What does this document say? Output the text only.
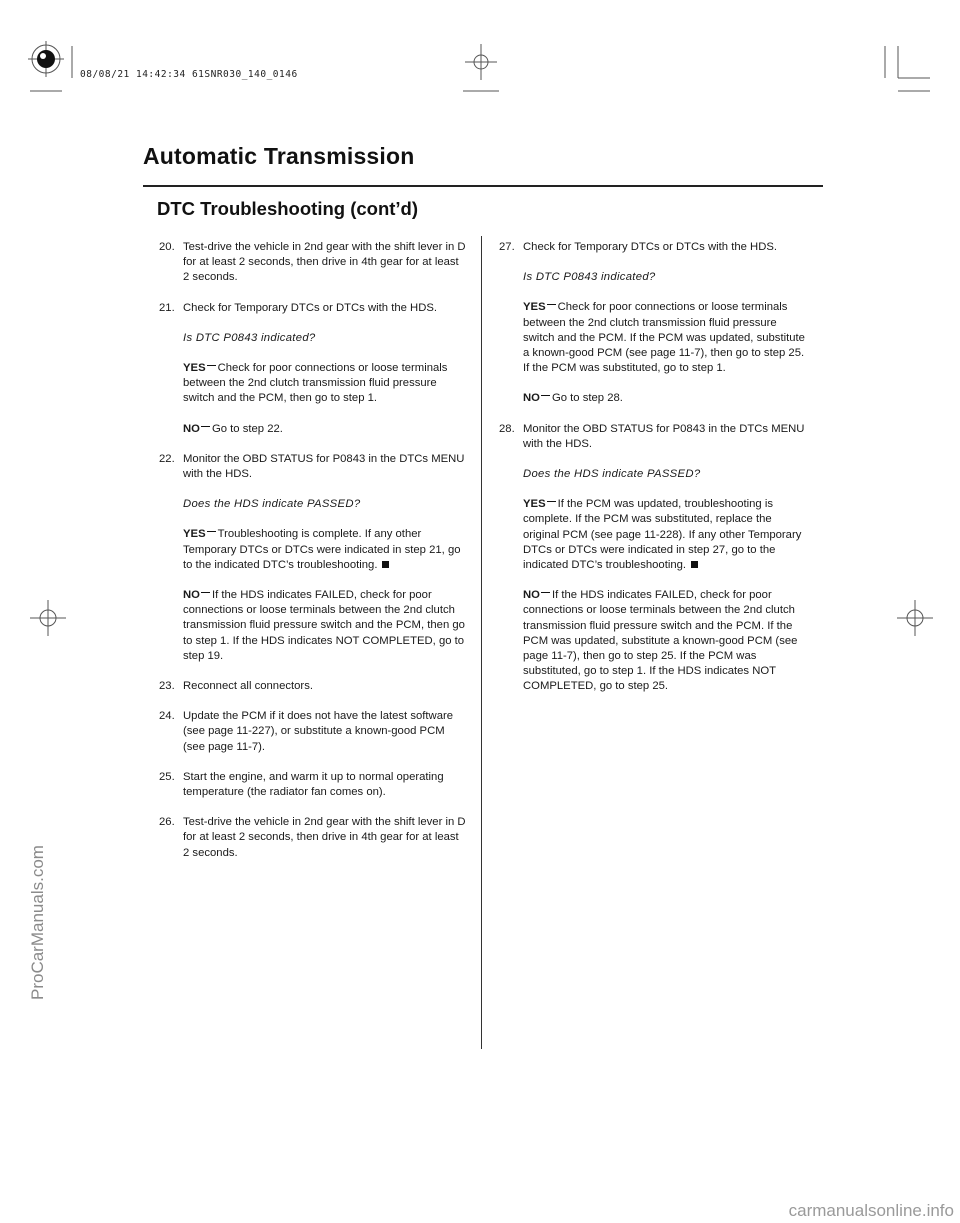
08/08/21 14:42:34 61SNR030_140_0146
Automatic Transmission
DTC Troubleshooting (cont’d)
20. Test-drive the vehicle in 2nd gear with the shift lever in D for at least 2 seconds, then drive in 4th gear for at least 2 seconds.
21. Check for Temporary DTCs or DTCs with the HDS.
Is DTC P0843 indicated?
YES Check for poor connections or loose terminals between the 2nd clutch transmission fluid pressure switch and the PCM, then go to step 1.
NO Go to step 22.
22. Monitor the OBD STATUS for P0843 in the DTCs MENU with the HDS.
Does the HDS indicate PASSED?
YES Troubleshooting is complete. If any other Temporary DTCs or DTCs were indicated in step 21, go to the indicated DTC’s troubleshooting.
NO If the HDS indicates FAILED, check for poor connections or loose terminals between the 2nd clutch transmission fluid pressure switch and the PCM, then go to step 1. If the HDS indicates NOT COMPLETED, go to step 19.
23. Reconnect all connectors.
24. Update the PCM if it does not have the latest software (see page 11-227), or substitute a known-good PCM (see page 11-7).
25. Start the engine, and warm it up to normal operating temperature (the radiator fan comes on).
26. Test-drive the vehicle in 2nd gear with the shift lever in D for at least 2 seconds, then drive in 4th gear for at least 2 seconds.
27. Check for Temporary DTCs or DTCs with the HDS.
Is DTC P0843 indicated?
YES Check for poor connections or loose terminals between the 2nd clutch transmission fluid pressure switch and the PCM. If the PCM was updated, substitute a known-good PCM (see page 11-7), then go to step 25. If the PCM was substituted, go to step 1.
NO Go to step 28.
28. Monitor the OBD STATUS for P0843 in the DTCs MENU with the HDS.
Does the HDS indicate PASSED?
YES If the PCM was updated, troubleshooting is complete. If the PCM was substituted, replace the original PCM (see page 11-228). If any other Temporary DTCs or DTCs were indicated in step 27, go to the indicated DTC’s troubleshooting.
NO If the HDS indicates FAILED, check for poor connections or loose terminals between the 2nd clutch transmission fluid pressure switch and the PCM. If the PCM was updated, substitute a known-good PCM (see page 11-7), then go to step 25. If the PCM was substituted, go to step 1. If the HDS indicates NOT COMPLETED, go to step 25.
ProCarManuals.com
carmanualsonline.info
